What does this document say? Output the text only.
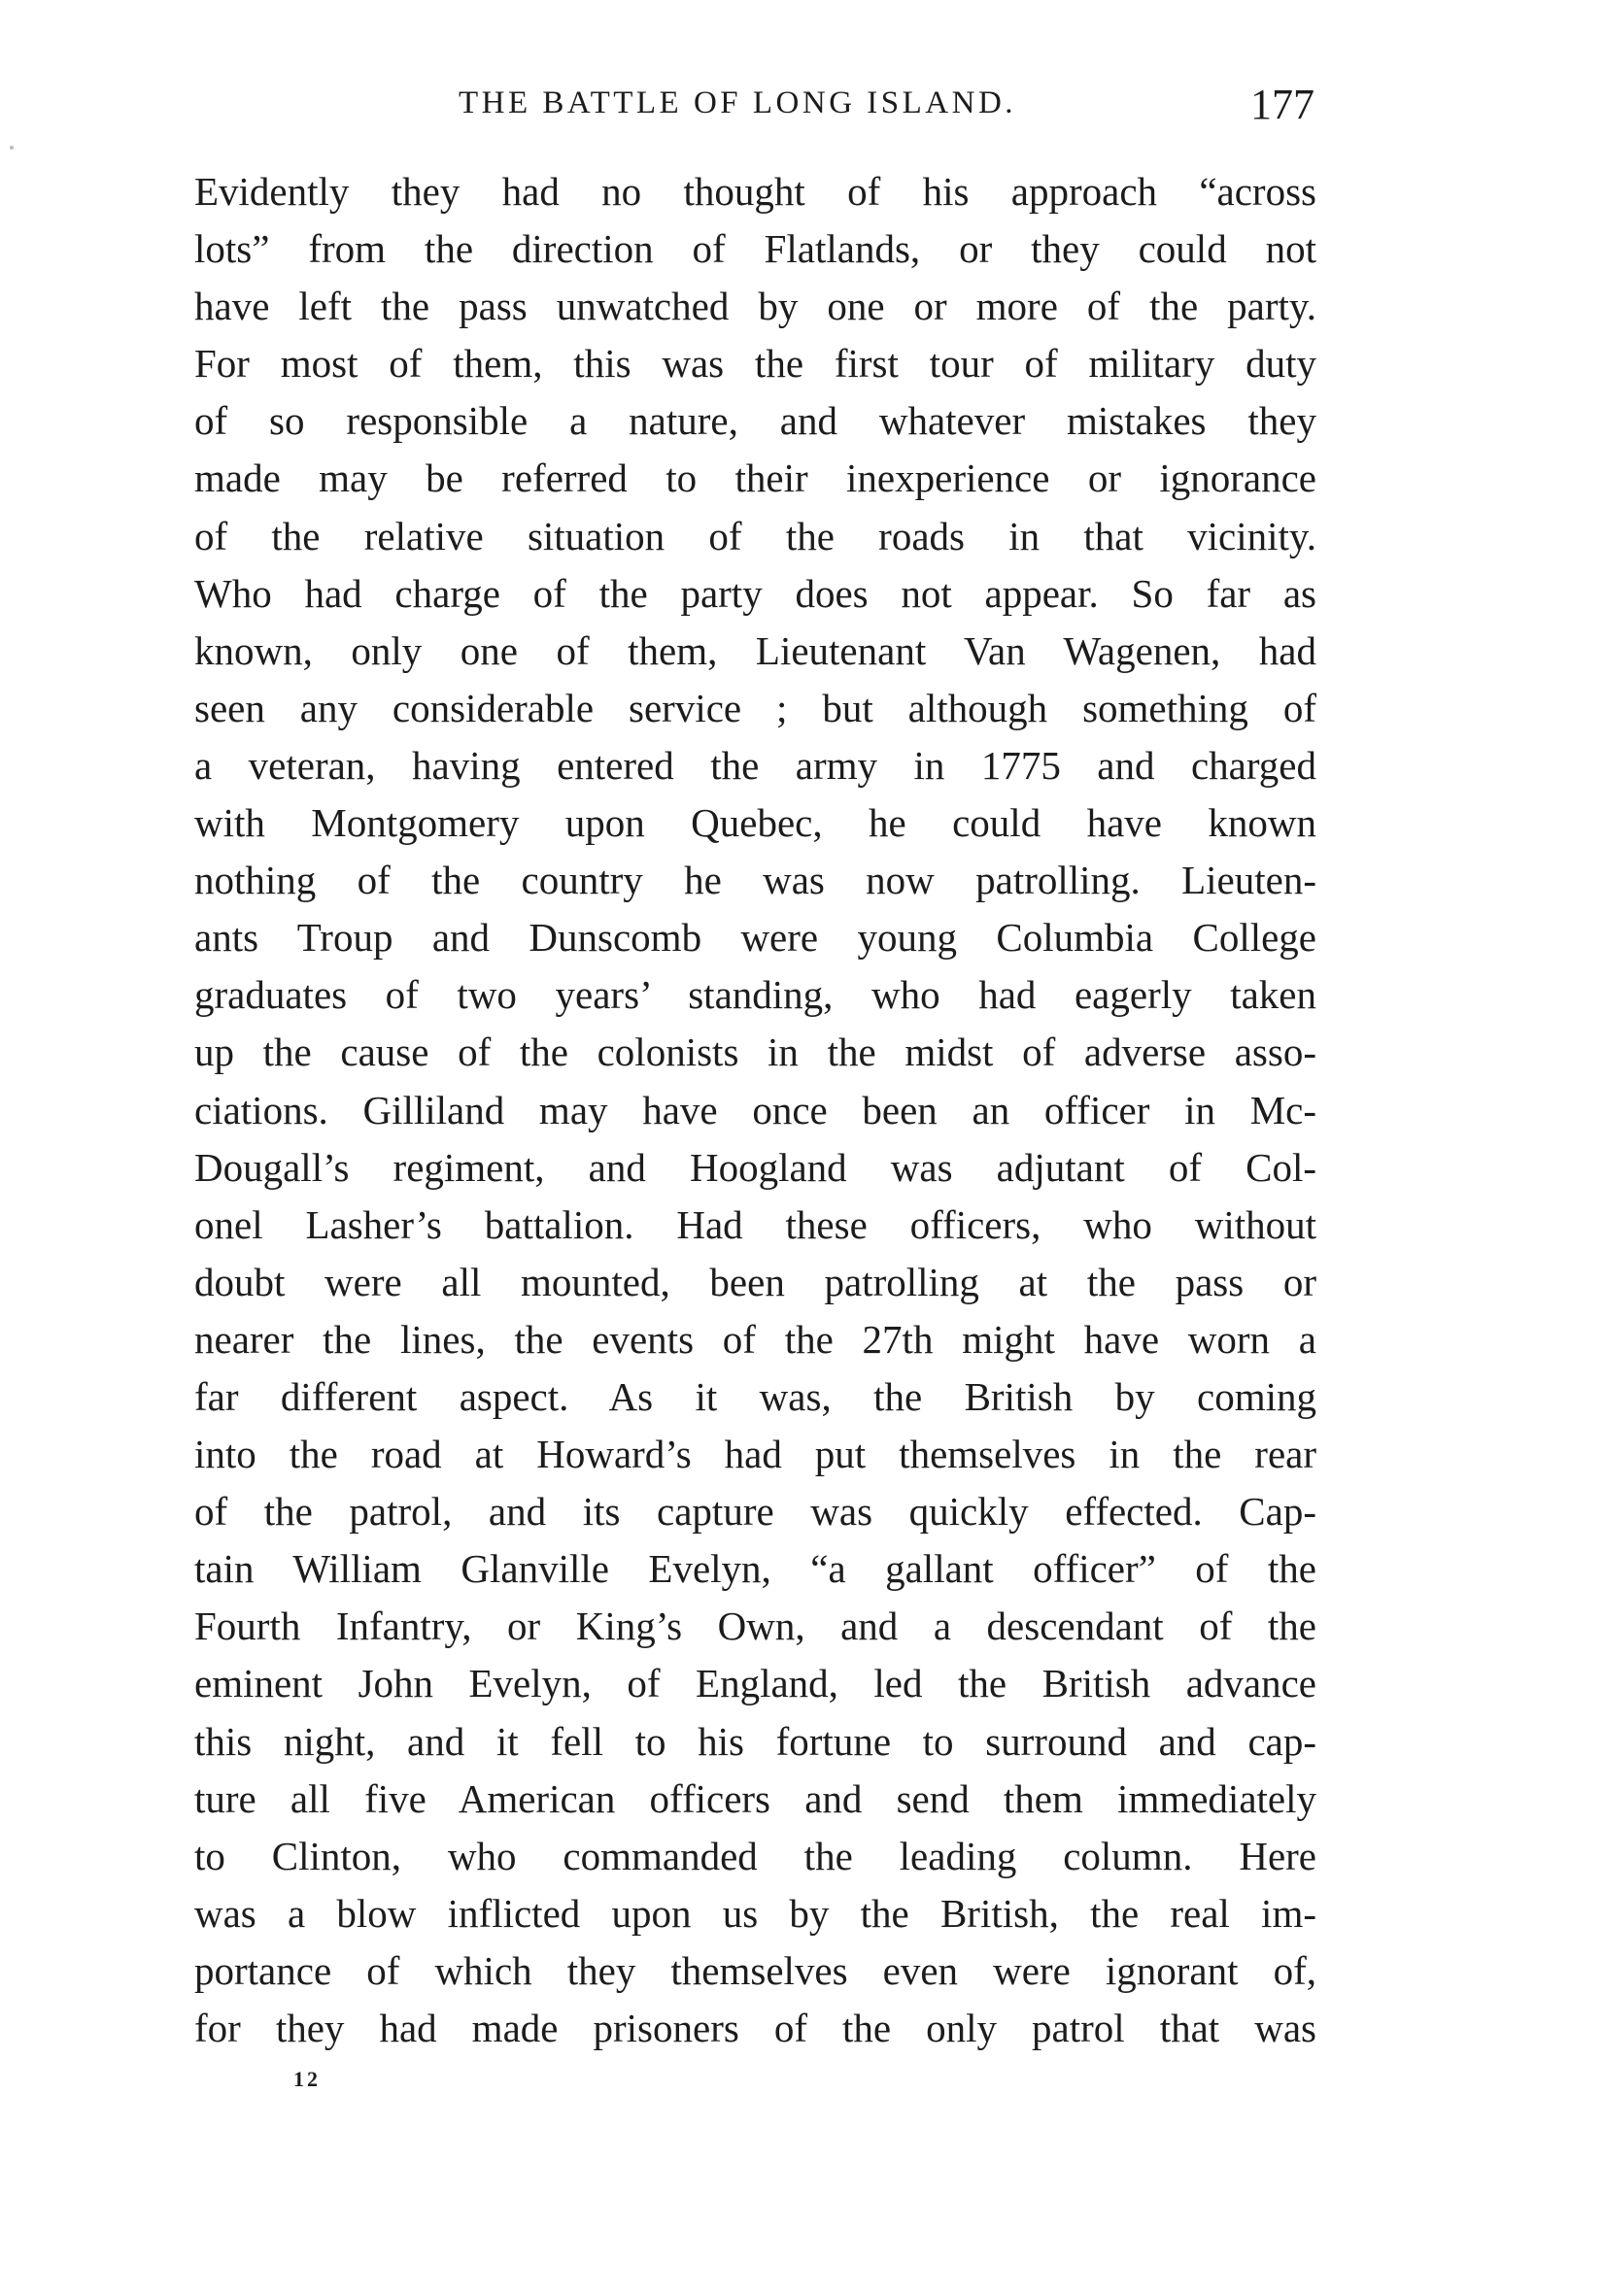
THE BATTLE OF LONG ISLAND.	177
Evidently they had no thought of his approach “across
lots” from the direction of Flatlands, or they could not
have left the pass unwatched by one or more of the party.
For most of them, this was the first tour of military duty
of so responsible a nature, and whatever mistakes they
made may be referred to their inexperience or ignorance
of the relative situation of the roads in that vicinity.
Who had charge of the party does not appear. So far as
known, only one of them, Lieutenant Van Wagenen, had
seen any considerable service ; but although something of
a veteran, having entered the army in 1775 and charged
with Montgomery upon Quebec, he could have known
nothing of the country he was now patrolling. Lieuten-
ants Troup and Dunscomb were young Columbia College
graduates of two years’ standing, who had eagerly taken
up the cause of the colonists in the midst of adverse asso-
ciations. Gilliland may have once been an officer in Mc-
Dougall’s regiment, and Hoogland was adjutant of Col-
onel Lasher’s battalion. Had these officers, who without
doubt were all mounted, been patrolling at the pass or
nearer the lines, the events of the 27th might have worn a
far different aspect. As it was, the British by coming
into the road at Howard’s had put themselves in the rear
of the patrol, and its capture was quickly effected. Cap-
tain William Glanville Evelyn, “a gallant officer” of the
Fourth Infantry, or King’s Own, and a descendant of the
eminent John Evelyn, of England, led the British advance
this night, and it fell to his fortune to surround and cap-
ture all five American officers and send them immediately
to Clinton, who commanded the leading column. Here
was a blow inflicted upon us by the British, the real im-
portance of which they themselves even were ignorant of,
for they had made prisoners of the only patrol that was
12
